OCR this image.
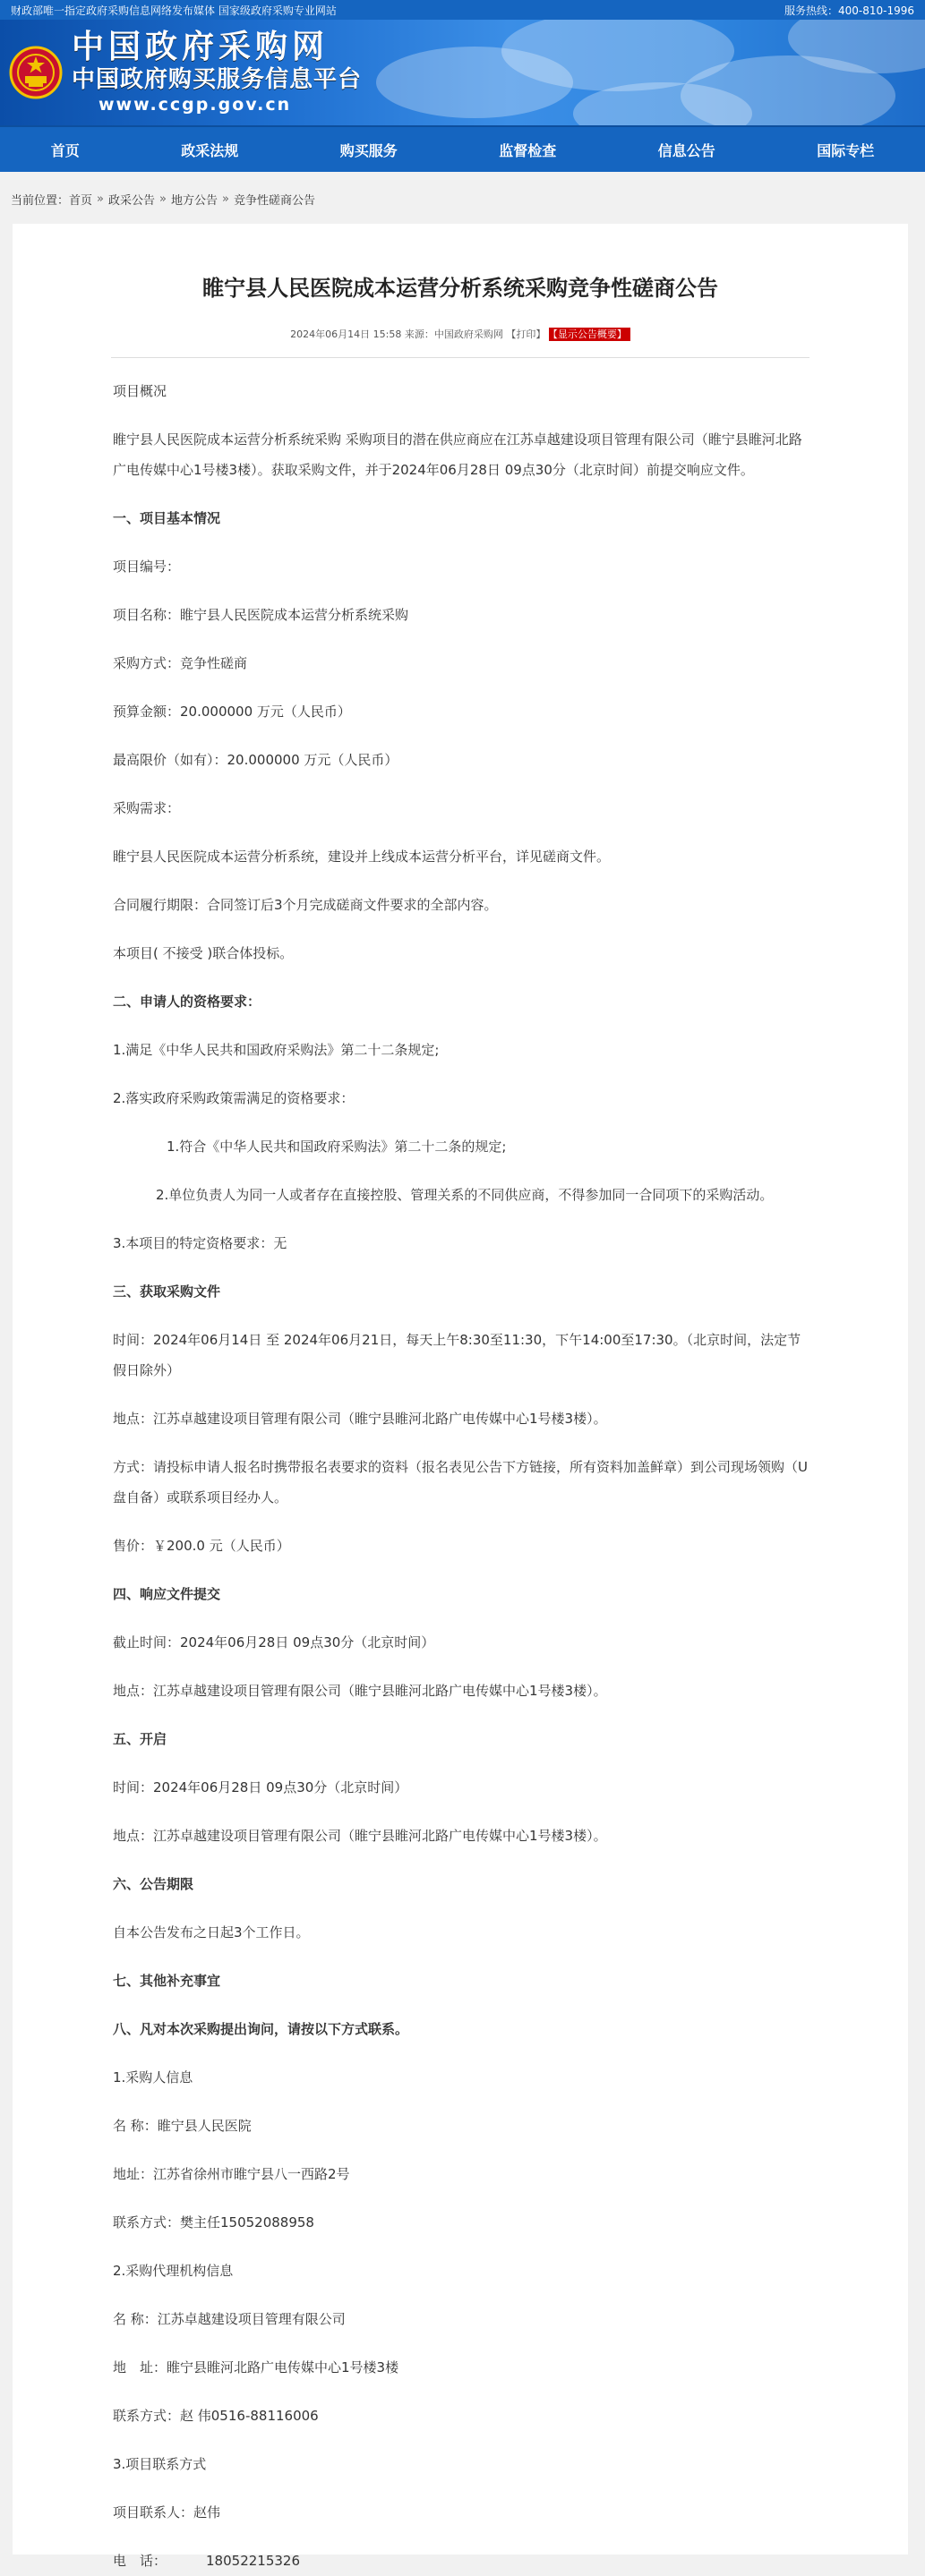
财政部唯一指定政府采购信息网络发布媒体 国家级政府采购专业网站	服务热线：400-810-1996
中国政府采购网
中国政府购买服务信息平台
www.ccgp.gov.cn
首页	政采法规	购买服务	监督检查	信息公告	国际专栏
当前位置： 首页 » 政采公告 » 地方公告 » 竞争性磋商公告
睢宁县人民医院成本运营分析系统采购竞争性磋商公告
2024年06月14日 15:58 来源：中国政府采购网 【打印】 【显示公告概要】

项目概况

睢宁县人民医院成本运营分析系统采购 采购项目的潜在供应商应在江苏卓越建设项目管理有限公司（睢宁县睢河北路广电传媒中心1号楼3楼）。获取采购文件，并于2024年06月28日 09点30分（北京时间）前提交响应文件。

一、项目基本情况

项目编号：

项目名称：睢宁县人民医院成本运营分析系统采购

采购方式：竞争性磋商

预算金额：20.000000 万元（人民币）

最高限价（如有）：20.000000 万元（人民币）

采购需求：

睢宁县人民医院成本运营分析系统，建设并上线成本运营分析平台，详见磋商文件。

合同履行期限：合同签订后3个月完成磋商文件要求的全部内容。

本项目( 不接受 )联合体投标。

二、申请人的资格要求：

1.满足《中华人民共和国政府采购法》第二十二条规定;

2.落实政府采购政策需满足的资格要求：

1.符合《中华人民共和国政府采购法》第二十二条的规定;

2.单位负责人为同一人或者存在直接控股、管理关系的不同供应商，不得参加同一合同项下的采购活动。

3.本项目的特定资格要求：无

三、获取采购文件

时间：2024年06月14日 至 2024年06月21日，每天上午8:30至11:30，下午14:00至17:30。（北京时间，法定节假日除外）

地点：江苏卓越建设项目管理有限公司（睢宁县睢河北路广电传媒中心1号楼3楼）。

方式：请投标申请人报名时携带报名表要求的资料（报名表见公告下方链接，所有资料加盖鲜章）到公司现场领购（U盘自备）或联系项目经办人。

售价：￥200.0 元（人民币）

四、响应文件提交

截止时间：2024年06月28日 09点30分（北京时间）

地点：江苏卓越建设项目管理有限公司（睢宁县睢河北路广电传媒中心1号楼3楼）。

五、开启

时间：2024年06月28日 09点30分（北京时间）

地点：江苏卓越建设项目管理有限公司（睢宁县睢河北路广电传媒中心1号楼3楼）。

六、公告期限

自本公告发布之日起3个工作日。

七、其他补充事宜

八、凡对本次采购提出询问，请按以下方式联系。

1.采购人信息

名 称：睢宁县人民医院

地址：江苏省徐州市睢宁县八一西路2号

联系方式：樊主任15052088958

2.采购代理机构信息

名 称：江苏卓越建设项目管理有限公司

地　址：睢宁县睢河北路广电传媒中心1号楼3楼

联系方式：赵 伟0516-88116006

3.项目联系方式

项目联系人：赵伟

电　话：	18052215326
